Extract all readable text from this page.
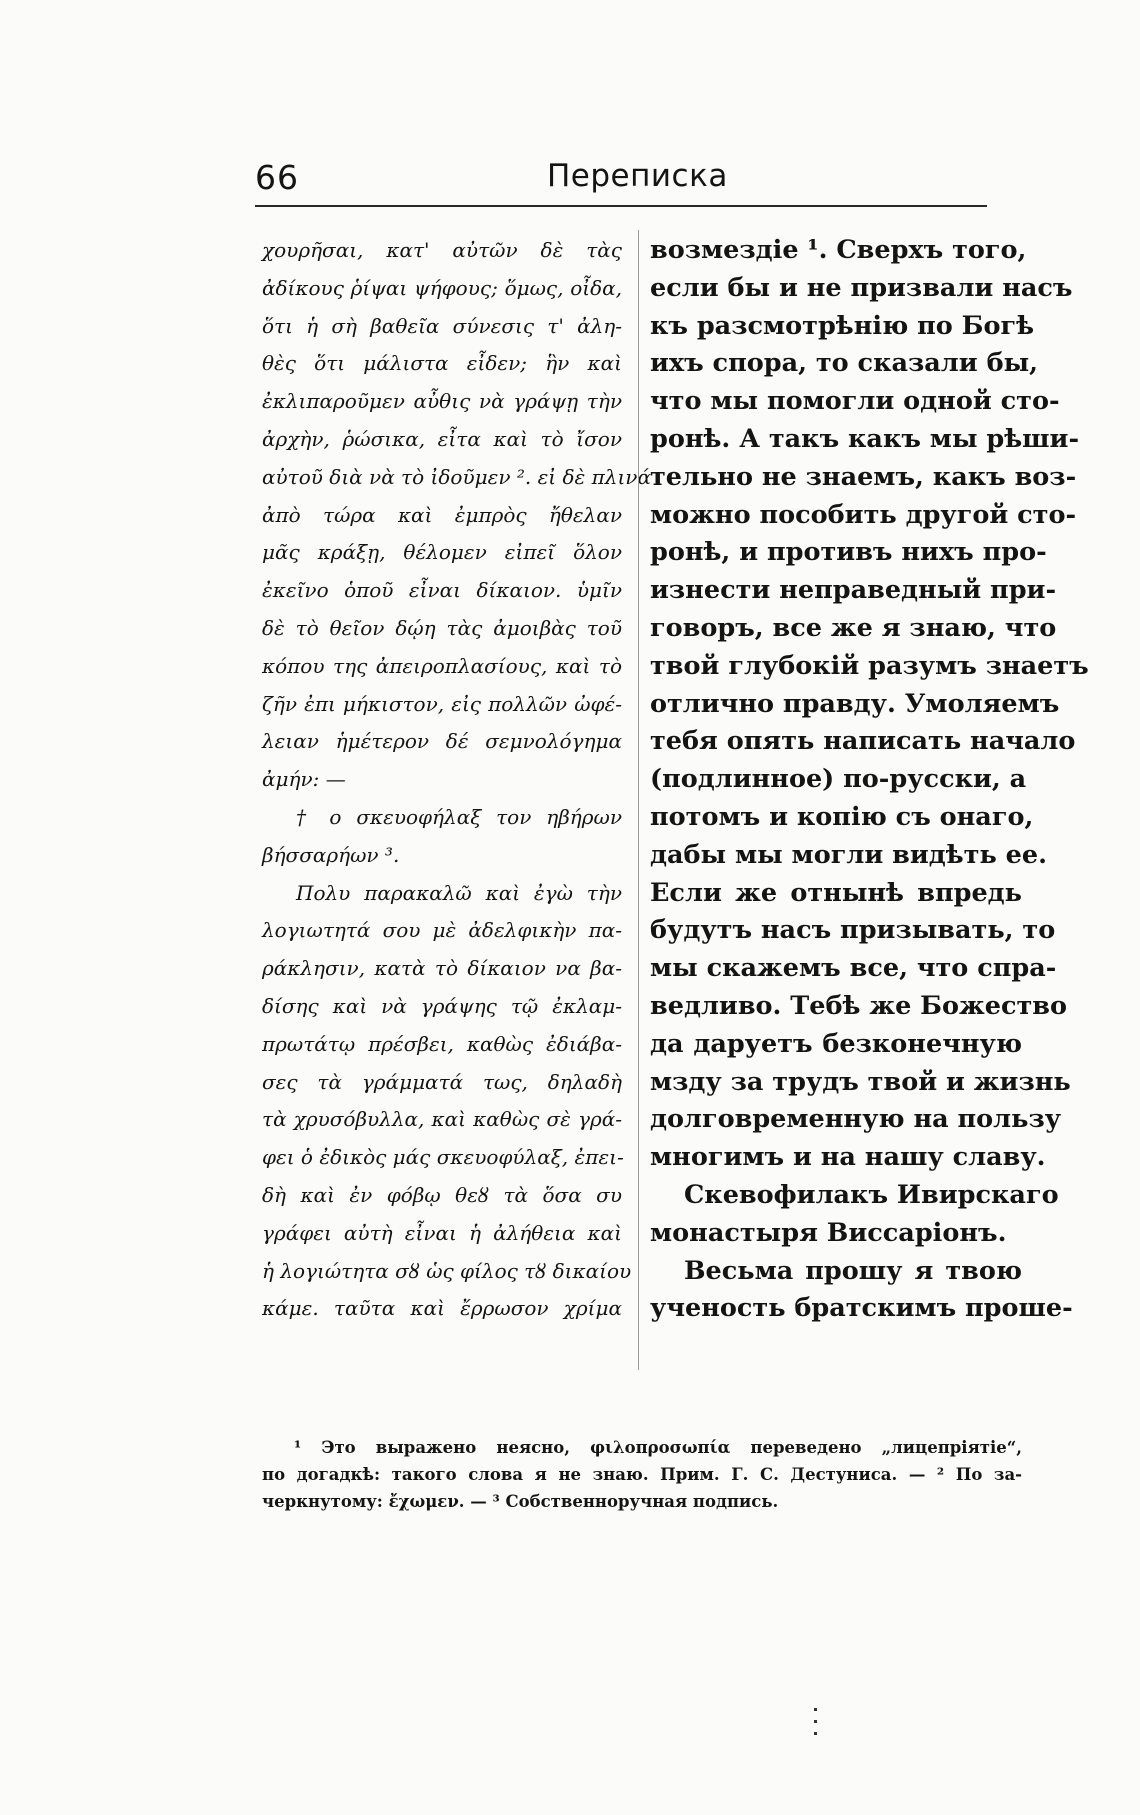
66	Переписка
χουρῆσαι, κατ' αὐτῶν δὲ τὰς
ἀδίκους ῥίψαι ψήφους; ὅμως, οἶδα,
ὅτι ἡ σὴ βαθεῖα σύνεσις τ' ἀλη-
θὲς ὅτι μάλιστα εἶδεν; ἣν καὶ
ἐκλιπαροῦμεν αὖθις νὰ γράψῃ τὴν
ἀρχὴν, ῥώσικα, εἶτα καὶ τὸ ἴσον
αὐτοῦ διὰ νὰ τὸ ἰδοῦμεν ². εἰ δὲ πλινά
ἀπὸ τώρα καὶ ἐμπρὸς ἤθελαν
μᾶς κράξῃ, θέλομεν εἰπεῖ ὅλον
ἐκεῖνο ὁποῦ εἶναι δίκαιον. ὑμῖν
δὲ τὸ θεῖον δῴη τὰς ἀμοιβὰς τοῦ
κόπου της ἀπειροπλασίους, καὶ τὸ
ζῆν ἐπι μήκιστον, εἰς πολλῶν ὠφέ-
λειαν ἡμέτερον δέ σεμνολόγημα
ἀμήν: —
† ο σκευοφήλαξ τον ηβήρων
βήσσαρήων ³.
Πολυ παρακαλῶ καὶ ἐγὼ τὴν
λογιωτητά σου μὲ ἀδελφικὴν πα-
ράκλησιν, κατὰ τὸ δίκαιον να βα-
δίσης καὶ νὰ γράψης τῷ ἐκλαμ-
πρωτάτῳ πρέσβει, καθὼς ἐδιάβα-
σες τὰ γράμματά τως, δηλαδὴ
τὰ χρυσόβυλλα, καὶ καθὼς σὲ γρά-
φει ὁ ἐδικὸς μάς σκευοφύλαξ, ἐπει-
δὴ καὶ ἐν φόβῳ θεȣ τὰ ὅσα συ
γράφει αὐτὴ εἶναι ἡ ἀλήθεια καὶ
ἡ λογιώτητα σȣ ὡς φίλος τȣ δικαίου
κάμε. ταῦτα καὶ ἔρρωσον χρίμα
возмездіе ¹. Сверхъ того,
если бы и не призвали насъ
къ разсмотрѣнію по Богѣ
ихъ спора, то сказали бы,
что мы помогли одной сто-
ронѣ. А такъ какъ мы рѣши-
тельно не знаемъ, какъ воз-
можно пособить другой сто-
ронѣ, и противъ нихъ про-
изнести неправедный при-
говоръ, все же я знаю, что
твой глубокій разумъ знаетъ
отлично правду. Умоляемъ
тебя опять написать начало
(подлинное) по-русски, а
потомъ и копію съ онаго,
дабы мы могли видѣть ее.
Если же отнынѣ впредь
будутъ насъ призывать, то
мы скажемъ все, что спра-
ведливо. Тебѣ же Божество
да даруетъ безконечную
мзду за трудъ твой и жизнь
долговременную на пользу
многимъ и на нашу славу.
Скевофилакъ Ивирскаго
монастыря Виссаріонъ.
Весьма прошу я твою
ученость братскимъ проше-
¹ Это выражено неясно, φιλοπροσωπία переведено „лицепріятіе“,
по догадкѣ: такого слова я не знаю. Прим. Г. С. Дестуниса. — ² По за-
черкнутому: ἔχωμεν. — ³ Собственноручная подпись.
